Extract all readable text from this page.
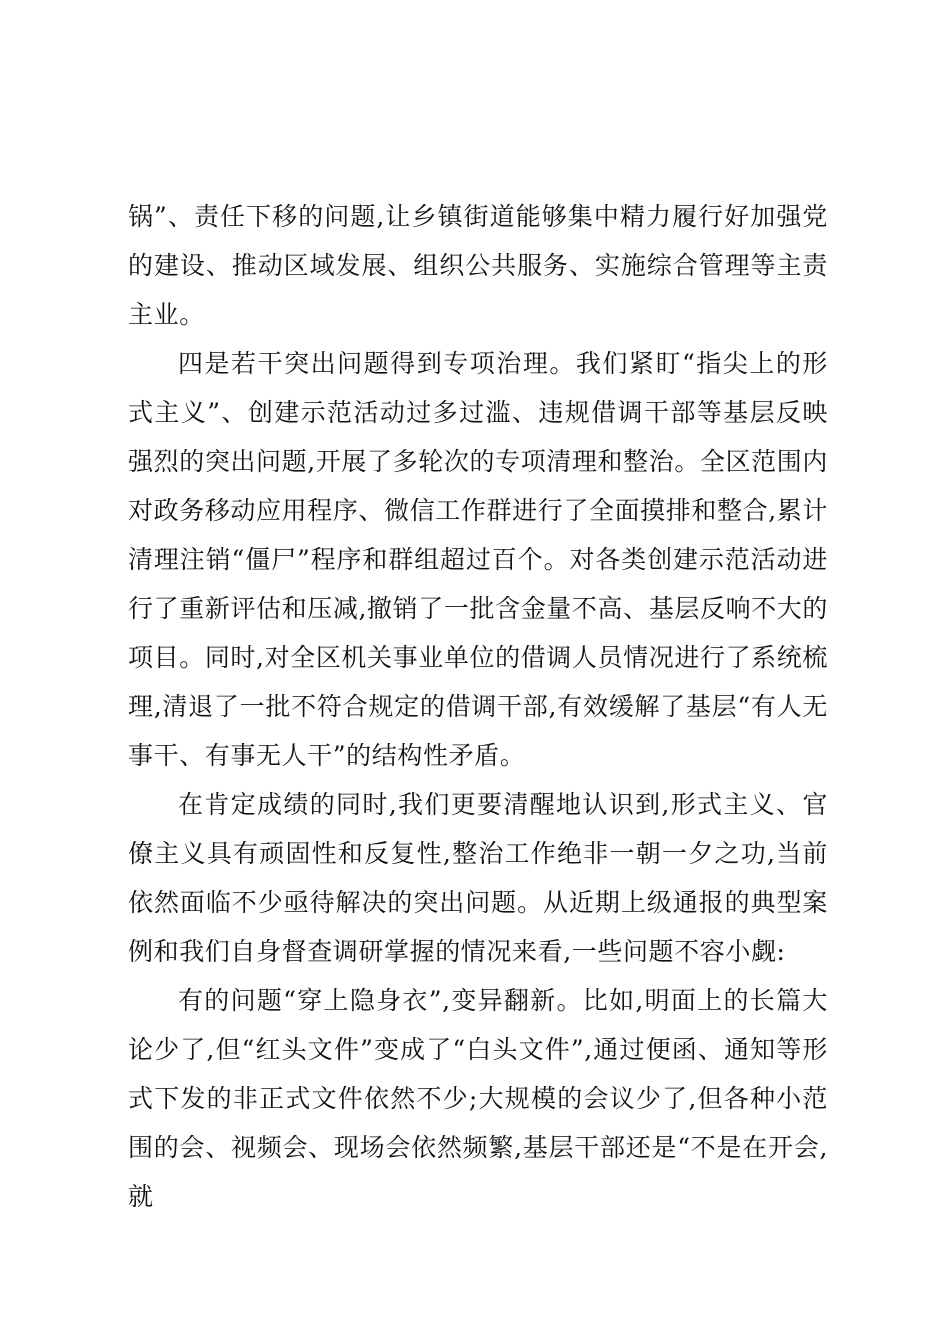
锅”、责任下移的问题,让乡镇街道能够集中精力履行好加强党的建设、推动区域发展、组织公共服务、实施综合管理等主责主业。

四是若干突出问题得到专项治理。我们紧盯“指尖上的形式主义”、创建示范活动过多过滥、违规借调干部等基层反映强烈的突出问题,开展了多轮次的专项清理和整治。全区范围内对政务移动应用程序、微信工作群进行了全面摸排和整合,累计清理注销“僵尸”程序和群组超过百个。对各类创建示范活动进行了重新评估和压减,撤销了一批含金量不高、基层反响不大的项目。同时,对全区机关事业单位的借调人员情况进行了系统梳理,清退了一批不符合规定的借调干部,有效缓解了基层“有人无事干、有事无人干”的结构性矛盾。

在肯定成绩的同时,我们更要清醒地认识到,形式主义、官僚主义具有顽固性和反复性,整治工作绝非一朝一夕之功,当前依然面临不少亟待解决的突出问题。从近期上级通报的典型案例和我们自身督查调研掌握的情况来看,一些问题不容小觑:

有的问题“穿上隐身衣”,变异翻新。比如,明面上的长篇大论少了,但“红头文件”变成了“白头文件”,通过便函、通知等形式下发的非正式文件依然不少;大规模的会议少了,但各种小范围的会、视频会、现场会依然频繁,基层干部还是“不是在开会,就
